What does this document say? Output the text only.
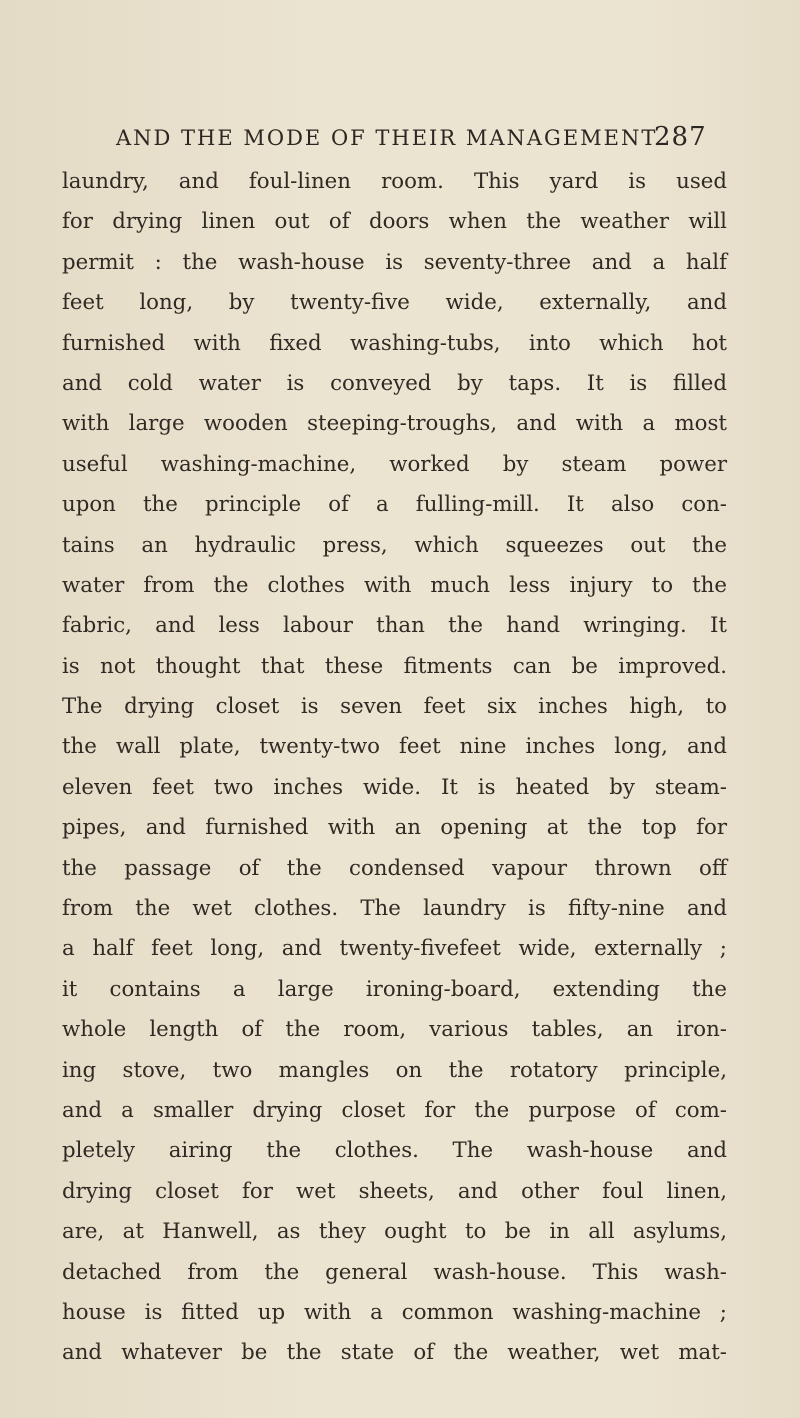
AND THE MODE OF THEIR MANAGEMENT.
287
laundry, and foul-linen room. This yard is used
for drying linen out of doors when the weather will
permit : the wash-house is seventy-three and a half
feet long, by twenty-five wide, externally, and
furnished with fixed washing-tubs, into which hot
and cold water is conveyed by taps. It is filled
with large wooden steeping-troughs, and with a most
useful washing-machine, worked by steam power
upon the principle of a fulling-mill. It also con-
tains an hydraulic press, which squeezes out the
water from the clothes with much less injury to the
fabric, and less labour than the hand wringing. It
is not thought that these fitments can be improved.
The drying closet is seven feet six inches high, to
the wall plate, twenty-two feet nine inches long, and
eleven feet two inches wide. It is heated by steam-
pipes, and furnished with an opening at the top for
the passage of the condensed vapour thrown off
from the wet clothes. The laundry is fifty-nine and
a half feet long, and twenty-fivefeet wide, externally ;
it contains a large ironing-board, extending the
whole length of the room, various tables, an iron-
ing stove, two mangles on the rotatory principle,
and a smaller drying closet for the purpose of com-
pletely airing the clothes. The wash-house and
drying closet for wet sheets, and other foul linen,
are, at Hanwell, as they ought to be in all asylums,
detached from the general wash-house. This wash-
house is fitted up with a common washing-machine ;
and whatever be the state of the weather, wet mat-
